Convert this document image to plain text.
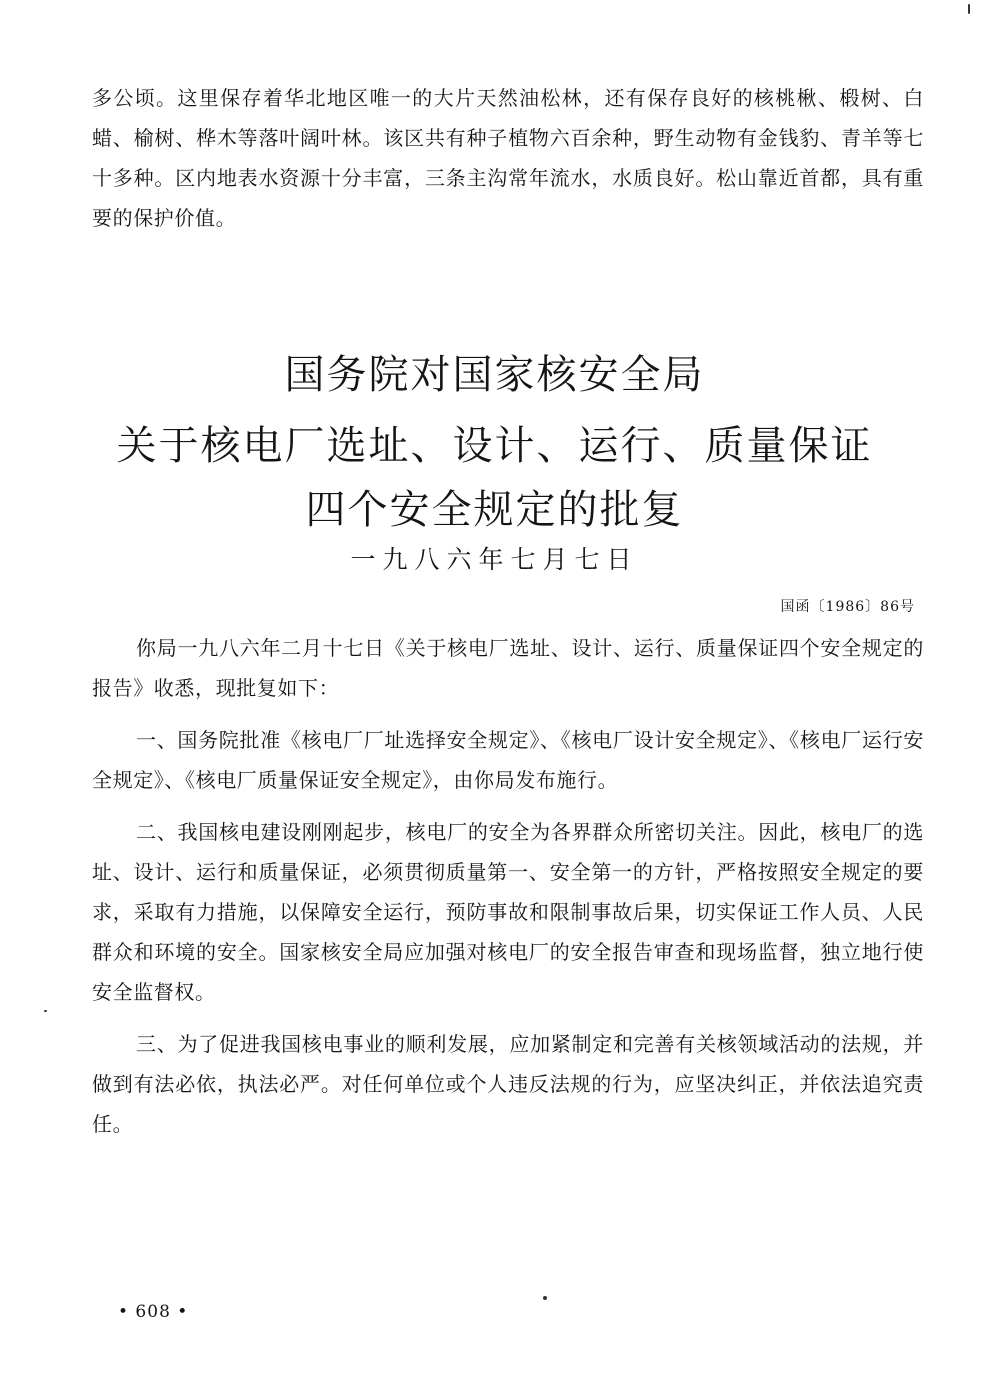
多公顷。这里保存着华北地区唯一的大片天然油松林，还有保存良好的核桃楸、椴树、白蜡、榆树、桦木等落叶阔叶林。该区共有种子植物六百余种，野生动物有金钱豹、青羊等七十多种。区内地表水资源十分丰富，三条主沟常年流水，水质良好。松山靠近首都，具有重要的保护价值。

国务院对国家核安全局
关于核电厂选址、设计、运行、质量保证
四个安全规定的批复

一九八六年七月七日

国函〔1986〕86号

你局一九八六年二月十七日《关于核电厂选址、设计、运行、质量保证四个安全规定的报告》收悉，现批复如下：

一、国务院批准《核电厂厂址选择安全规定》、《核电厂设计安全规定》、《核电厂运行安全规定》、《核电厂质量保证安全规定》，由你局发布施行。

二、我国核电建设刚刚起步，核电厂的安全为各界群众所密切关注。因此，核电厂的选址、设计、运行和质量保证，必须贯彻质量第一、安全第一的方针，严格按照安全规定的要求，采取有力措施，以保障安全运行，预防事故和限制事故后果，切实保证工作人员、人民群众和环境的安全。国家核安全局应加强对核电厂的安全报告审查和现场监督，独立地行使安全监督权。

三、为了促进我国核电事业的顺利发展，应加紧制定和完善有关核领域活动的法规，并做到有法必依，执法必严。对任何单位或个人违反法规的行为，应坚决纠正，并依法追究责任。

• 608 •
